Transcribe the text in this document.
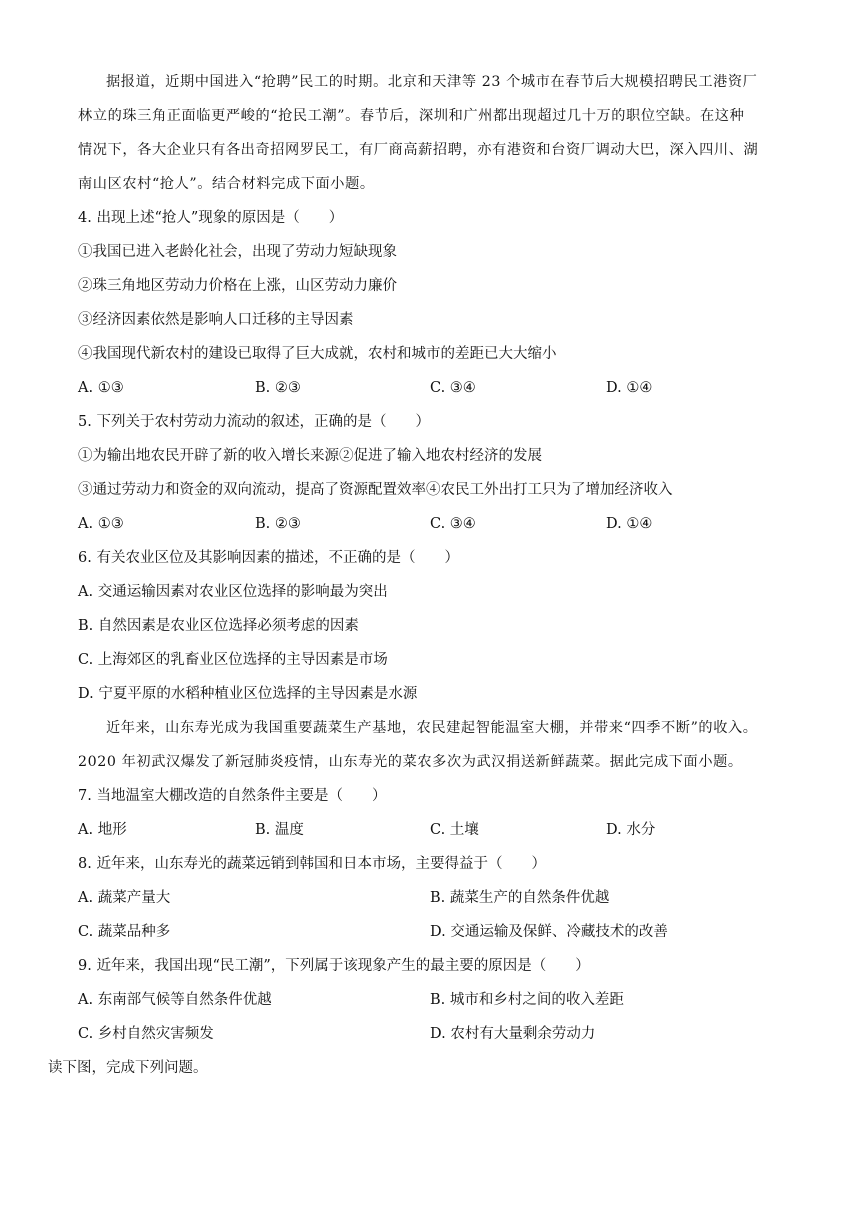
据报道，近期中国进入“抢聘”民工的时期。北京和天津等 23 个城市在春节后大规模招聘民工港资厂
林立的珠三角正面临更严峻的“抢民工潮”。春节后，深圳和广州都出现超过几十万的职位空缺。在这种
情况下，各大企业只有各出奇招网罗民工，有厂商高薪招聘，亦有港资和台资厂调动大巴，深入四川、湖
南山区农村“抢人”。结合材料完成下面小题。
4. 出现上述“抢人”现象的原因是（　　）
①我国已进入老龄化社会，出现了劳动力短缺现象
②珠三角地区劳动力价格在上涨，山区劳动力廉价
③经济因素依然是影响人口迁移的主导因素
④我国现代新农村的建设已取得了巨大成就，农村和城市的差距已大大缩小
A. ①③	B. ②③	C. ③④	D. ①④
5. 下列关于农村劳动力流动的叙述，正确的是（　　）
①为输出地农民开辟了新的收入增长来源②促进了输入地农村经济的发展
③通过劳动力和资金的双向流动，提高了资源配置效率④农民工外出打工只为了增加经济收入
A. ①③	B. ②③	C. ③④	D. ①④
6. 有关农业区位及其影响因素的描述，不正确的是（　　）
A. 交通运输因素对农业区位选择的影响最为突出
B. 自然因素是农业区位选择必须考虑的因素
C. 上海郊区的乳畜业区位选择的主导因素是市场
D. 宁夏平原的水稻种植业区位选择的主导因素是水源
近年来，山东寿光成为我国重要蔬菜生产基地，农民建起智能温室大棚，并带来“四季不断”的收入。
2020 年初武汉爆发了新冠肺炎疫情，山东寿光的菜农多次为武汉捐送新鲜蔬菜。据此完成下面小题。
7. 当地温室大棚改造的自然条件主要是（　　）
A. 地形	B. 温度	C. 土壤	D. 水分
8. 近年来，山东寿光的蔬菜远销到韩国和日本市场，主要得益于（　　）
A. 蔬菜产量大	B. 蔬菜生产的自然条件优越
C. 蔬菜品种多	D. 交通运输及保鲜、冷藏技术的改善
9. 近年来，我国出现“民工潮”，下列属于该现象产生的最主要的原因是（　　）
A. 东南部气候等自然条件优越	B. 城市和乡村之间的收入差距
C. 乡村自然灾害频发	D. 农村有大量剩余劳动力
读下图，完成下列问题。
